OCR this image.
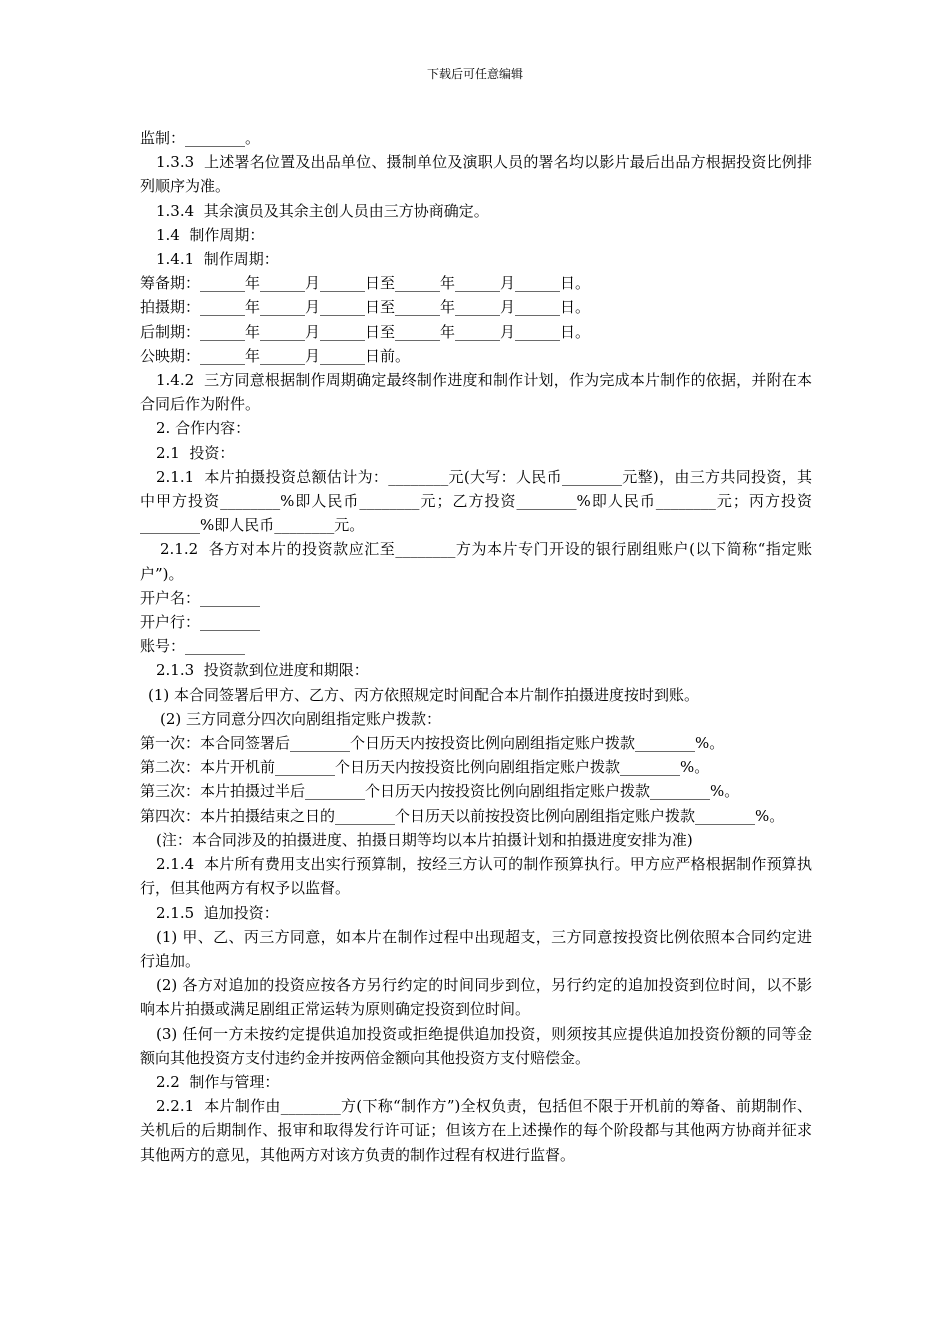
下载后可任意编辑

监制：________。

1.3.3  上述署名位置及出品单位、摄制单位及演职人员的署名均以影片最后出品方根据投资比例排列顺序为准。

1.3.4  其余演员及其余主创人员由三方协商确定。

1.4  制作周期：

1.4.1  制作周期：

筹备期：______年______月______日至______年______月______日。

拍摄期：______年______月______日至______年______月______日。

后制期：______年______月______日至______年______月______日。

公映期：______年______月______日前。

1.4.2  三方同意根据制作周期确定最终制作进度和制作计划，作为完成本片制作的依据，并附在本合同后作为附件。

2. 合作内容：

2.1  投资：

2.1.1  本片拍摄投资总额估计为：________元(大写：人民币________元整)，由三方共同投资，其中甲方投资________%即人民币________元；乙方投资________%即人民币________元；丙方投资________%即人民币________元。

2.1.2  各方对本片的投资款应汇至________方为本片专门开设的银行剧组账户(以下简称“指定账户”)。

开户名：________

开户行：________

账号：________

2.1.3  投资款到位进度和期限：

(1) 本合同签署后甲方、乙方、丙方依照规定时间配合本片制作拍摄进度按时到账。

(2) 三方同意分四次向剧组指定账户拨款：

第一次：本合同签署后________个日历天内按投资比例向剧组指定账户拨款________%。

第二次：本片开机前________个日历天内按投资比例向剧组指定账户拨款________%。

第三次：本片拍摄过半后________个日历天内按投资比例向剧组指定账户拨款________%。

第四次：本片拍摄结束之日的________个日历天以前按投资比例向剧组指定账户拨款________%。

(注：本合同涉及的拍摄进度、拍摄日期等均以本片拍摄计划和拍摄进度安排为准)

2.1.4  本片所有费用支出实行预算制，按经三方认可的制作预算执行。甲方应严格根据制作预算执行，但其他两方有权予以监督。

2.1.5  追加投资：

(1) 甲、乙、丙三方同意，如本片在制作过程中出现超支，三方同意按投资比例依照本合同约定进行追加。

(2) 各方对追加的投资应按各方另行约定的时间同步到位，另行约定的追加投资到位时间，以不影响本片拍摄或满足剧组正常运转为原则确定投资到位时间。

(3) 任何一方未按约定提供追加投资或拒绝提供追加投资，则须按其应提供追加投资份额的同等金额向其他投资方支付违约金并按两倍金额向其他投资方支付赔偿金。

2.2  制作与管理：

2.2.1  本片制作由________方(下称“制作方”)全权负责，包括但不限于开机前的筹备、前期制作、关机后的后期制作、报审和取得发行许可证；但该方在上述操作的每个阶段都与其他两方协商并征求其他两方的意见，其他两方对该方负责的制作过程有权进行监督。
